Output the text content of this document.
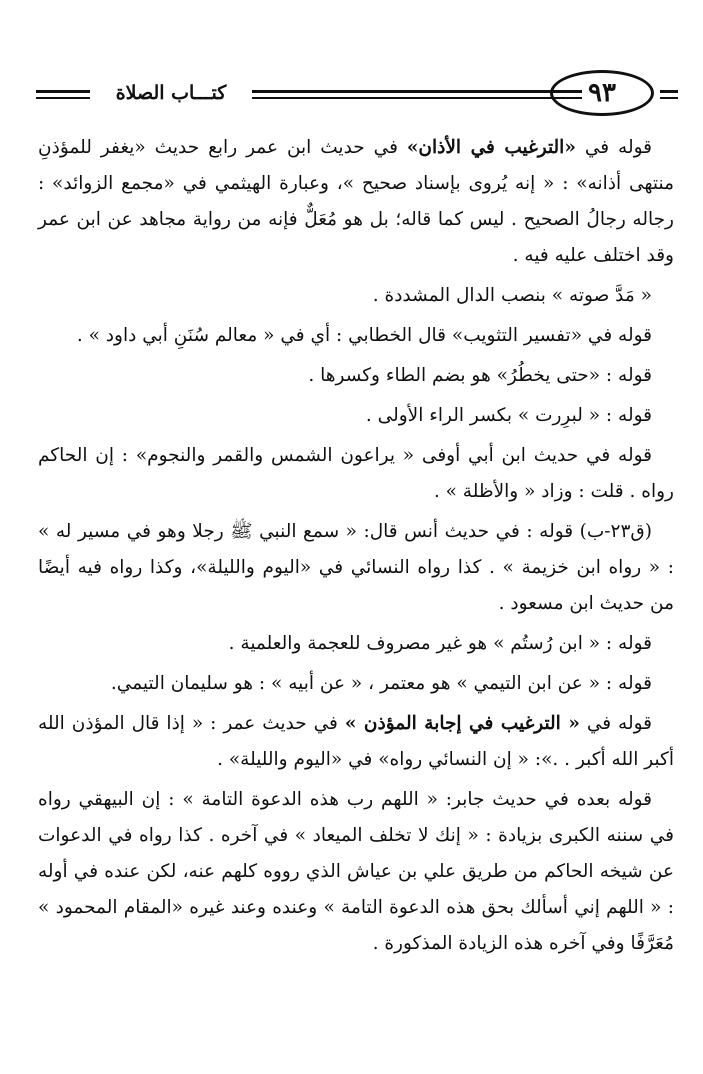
كتـــاب الصلاة	٩٣

قوله في «الترغيب في الأذان» في حديث ابن عمر رابع حديث «يغفر للمؤذنِ منتهى أذانه» : « إنه يُروى بإسناد صحيح »، وعبارة الهيثمي في «مجمع الزوائد» : رجاله رجالُ الصحيح . ليس كما قاله؛ بل هو مُعَلٌّ فإنه من رواية مجاهد عن ابن عمر وقد اختلف عليه فيه .

« مَدَّ صوته » بنصب الدال المشددة .

قوله في «تفسير التثويب» قال الخطابي : أي في « معالم سُنَنِ أبي داود » .

قوله : «حتى يخطُرُ» هو بضم الطاء وكسرها .

قوله : « لبرِرت » بكسر الراء الأولى .

قوله في حديث ابن أبي أوفى « يراعون الشمس والقمر والنجوم» : إن الحاكم رواه . قلت : وزاد « والأظلة » .

(ق٢٣-ب) قوله : في حديث أنس قال: « سمع النبي ﷺ رجلا وهو في مسير له » : « رواه ابن خزيمة » . كذا رواه النسائي في «اليوم والليلة»، وكذا رواه فيه أيضًا من حديث ابن مسعود .

قوله : « ابن رُستُم » هو غير مصروف للعجمة والعلمية .

قوله : « عن ابن التيمي » هو معتمر ، « عن أبيه » : هو سليمان التيمي.

قوله في « الترغيب في إجابة المؤذن » في حديث عمر : « إذا قال المؤذن الله أكبر الله أكبر . .»: « إن النسائي رواه» في «اليوم والليلة» .

قوله بعده في حديث جابر: « اللهم رب هذه الدعوة التامة » : إن البيهقي رواه في سننه الكبرى بزيادة : « إنك لا تخلف الميعاد » في آخره . كذا رواه في الدعوات عن شيخه الحاكم من طريق علي بن عياش الذي رووه كلهم عنه، لكن عنده في أوله : « اللهم إني أسألك بحق هذه الدعوة التامة » وعنده وعند غيره «المقام المحمود » مُعَرَّفًا وفي آخره هذه الزيادة المذكورة .
